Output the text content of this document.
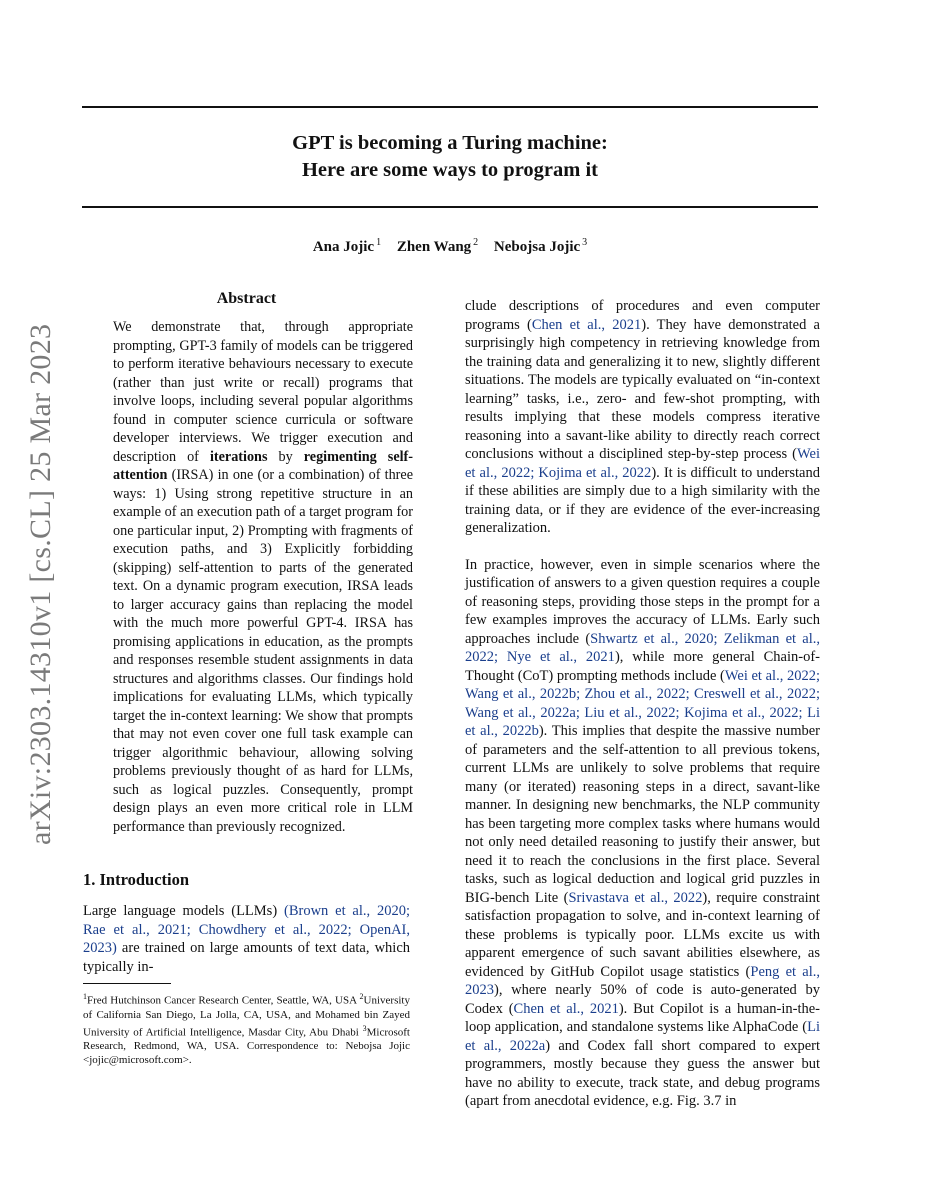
arXiv:2303.14310v1 [cs.CL] 25 Mar 2023
GPT is becoming a Turing machine:
Here are some ways to program it
Ana Jojic $^1$ Zhen Wang $^2$ Nebojsa Jojic $^3$
Abstract

We demonstrate that, through appropriate prompting, GPT-3 family of models can be triggered to perform iterative behaviours necessary to execute (rather than just write or recall) programs that involve loops, including several popular algorithms found in computer science curricula or software developer interviews. We trigger execution and description of iterations by regimenting self-attention (IRSA) in one (or a combination) of three ways: 1) Using strong repetitive structure in an example of an execution path of a target program for one particular input, 2) Prompting with fragments of execution paths, and 3) Explicitly forbidding (skipping) self-attention to parts of the generated text. On a dynamic program execution, IRSA leads to larger accuracy gains than replacing the model with the much more powerful GPT-4. IRSA has promising applications in education, as the prompts and responses resemble student assignments in data structures and algorithms classes. Our findings hold implications for evaluating LLMs, which typically target the in-context learning: We show that prompts that may not even cover one full task example can trigger algorithmic behaviour, allowing solving problems previously thought of as hard for LLMs, such as logical puzzles. Consequently, prompt design plays an even more critical role in LLM performance than previously recognized.

1. Introduction

Large language models (LLMs) (Brown et al., 2020; Rae et al., 2021; Chowdhery et al., 2022; OpenAI, 2023) are trained on large amounts of text data, which typically in-

$^1$Fred Hutchinson Cancer Research Center, Seattle, WA, USA $^2$University of California San Diego, La Jolla, CA, USA, and Mohamed bin Zayed University of Artificial Intelligence, Masdar City, Abu Dhabi $^3$Microsoft Research, Redmond, WA, USA. Correspondence to: Nebojsa Jojic <jojic@microsoft.com>.

clude descriptions of procedures and even computer programs (Chen et al., 2021). They have demonstrated a surprisingly high competency in retrieving knowledge from the training data and generalizing it to new, slightly different situations. The models are typically evaluated on “in-context learning” tasks, i.e., zero- and few-shot prompting, with results implying that these models compress iterative reasoning into a savant-like ability to directly reach correct conclusions without a disciplined step-by-step process (Wei et al., 2022; Kojima et al., 2022). It is difficult to understand if these abilities are simply due to a high similarity with the training data, or if they are evidence of the ever-increasing generalization.

In practice, however, even in simple scenarios where the justification of answers to a given question requires a couple of reasoning steps, providing those steps in the prompt for a few examples improves the accuracy of LLMs. Early such approaches include (Shwartz et al., 2020; Zelikman et al., 2022; Nye et al., 2021), while more general Chain-of-Thought (CoT) prompting methods include (Wei et al., 2022; Wang et al., 2022b; Zhou et al., 2022; Creswell et al., 2022; Wang et al., 2022a; Liu et al., 2022; Kojima et al., 2022; Li et al., 2022b). This implies that despite the massive number of parameters and the self-attention to all previous tokens, current LLMs are unlikely to solve problems that require many (or iterated) reasoning steps in a direct, savant-like manner. In designing new benchmarks, the NLP community has been targeting more complex tasks where humans would not only need detailed reasoning to justify their answer, but need it to reach the conclusions in the first place. Several tasks, such as logical deduction and logical grid puzzles in BIG-bench Lite (Srivastava et al., 2022), require constraint satisfaction propagation to solve, and in-context learning of these problems is typically poor. LLMs excite us with apparent emergence of such savant abilities elsewhere, as evidenced by GitHub Copilot usage statistics (Peng et al., 2023), where nearly 50% of code is auto-generated by Codex (Chen et al., 2021). But Copilot is a human-in-the-loop application, and standalone systems like AlphaCode (Li et al., 2022a) and Codex fall short compared to expert programmers, mostly because they guess the answer but have no ability to execute, track state, and debug programs (apart from anecdotal evidence, e.g. Fig. 3.7 in
